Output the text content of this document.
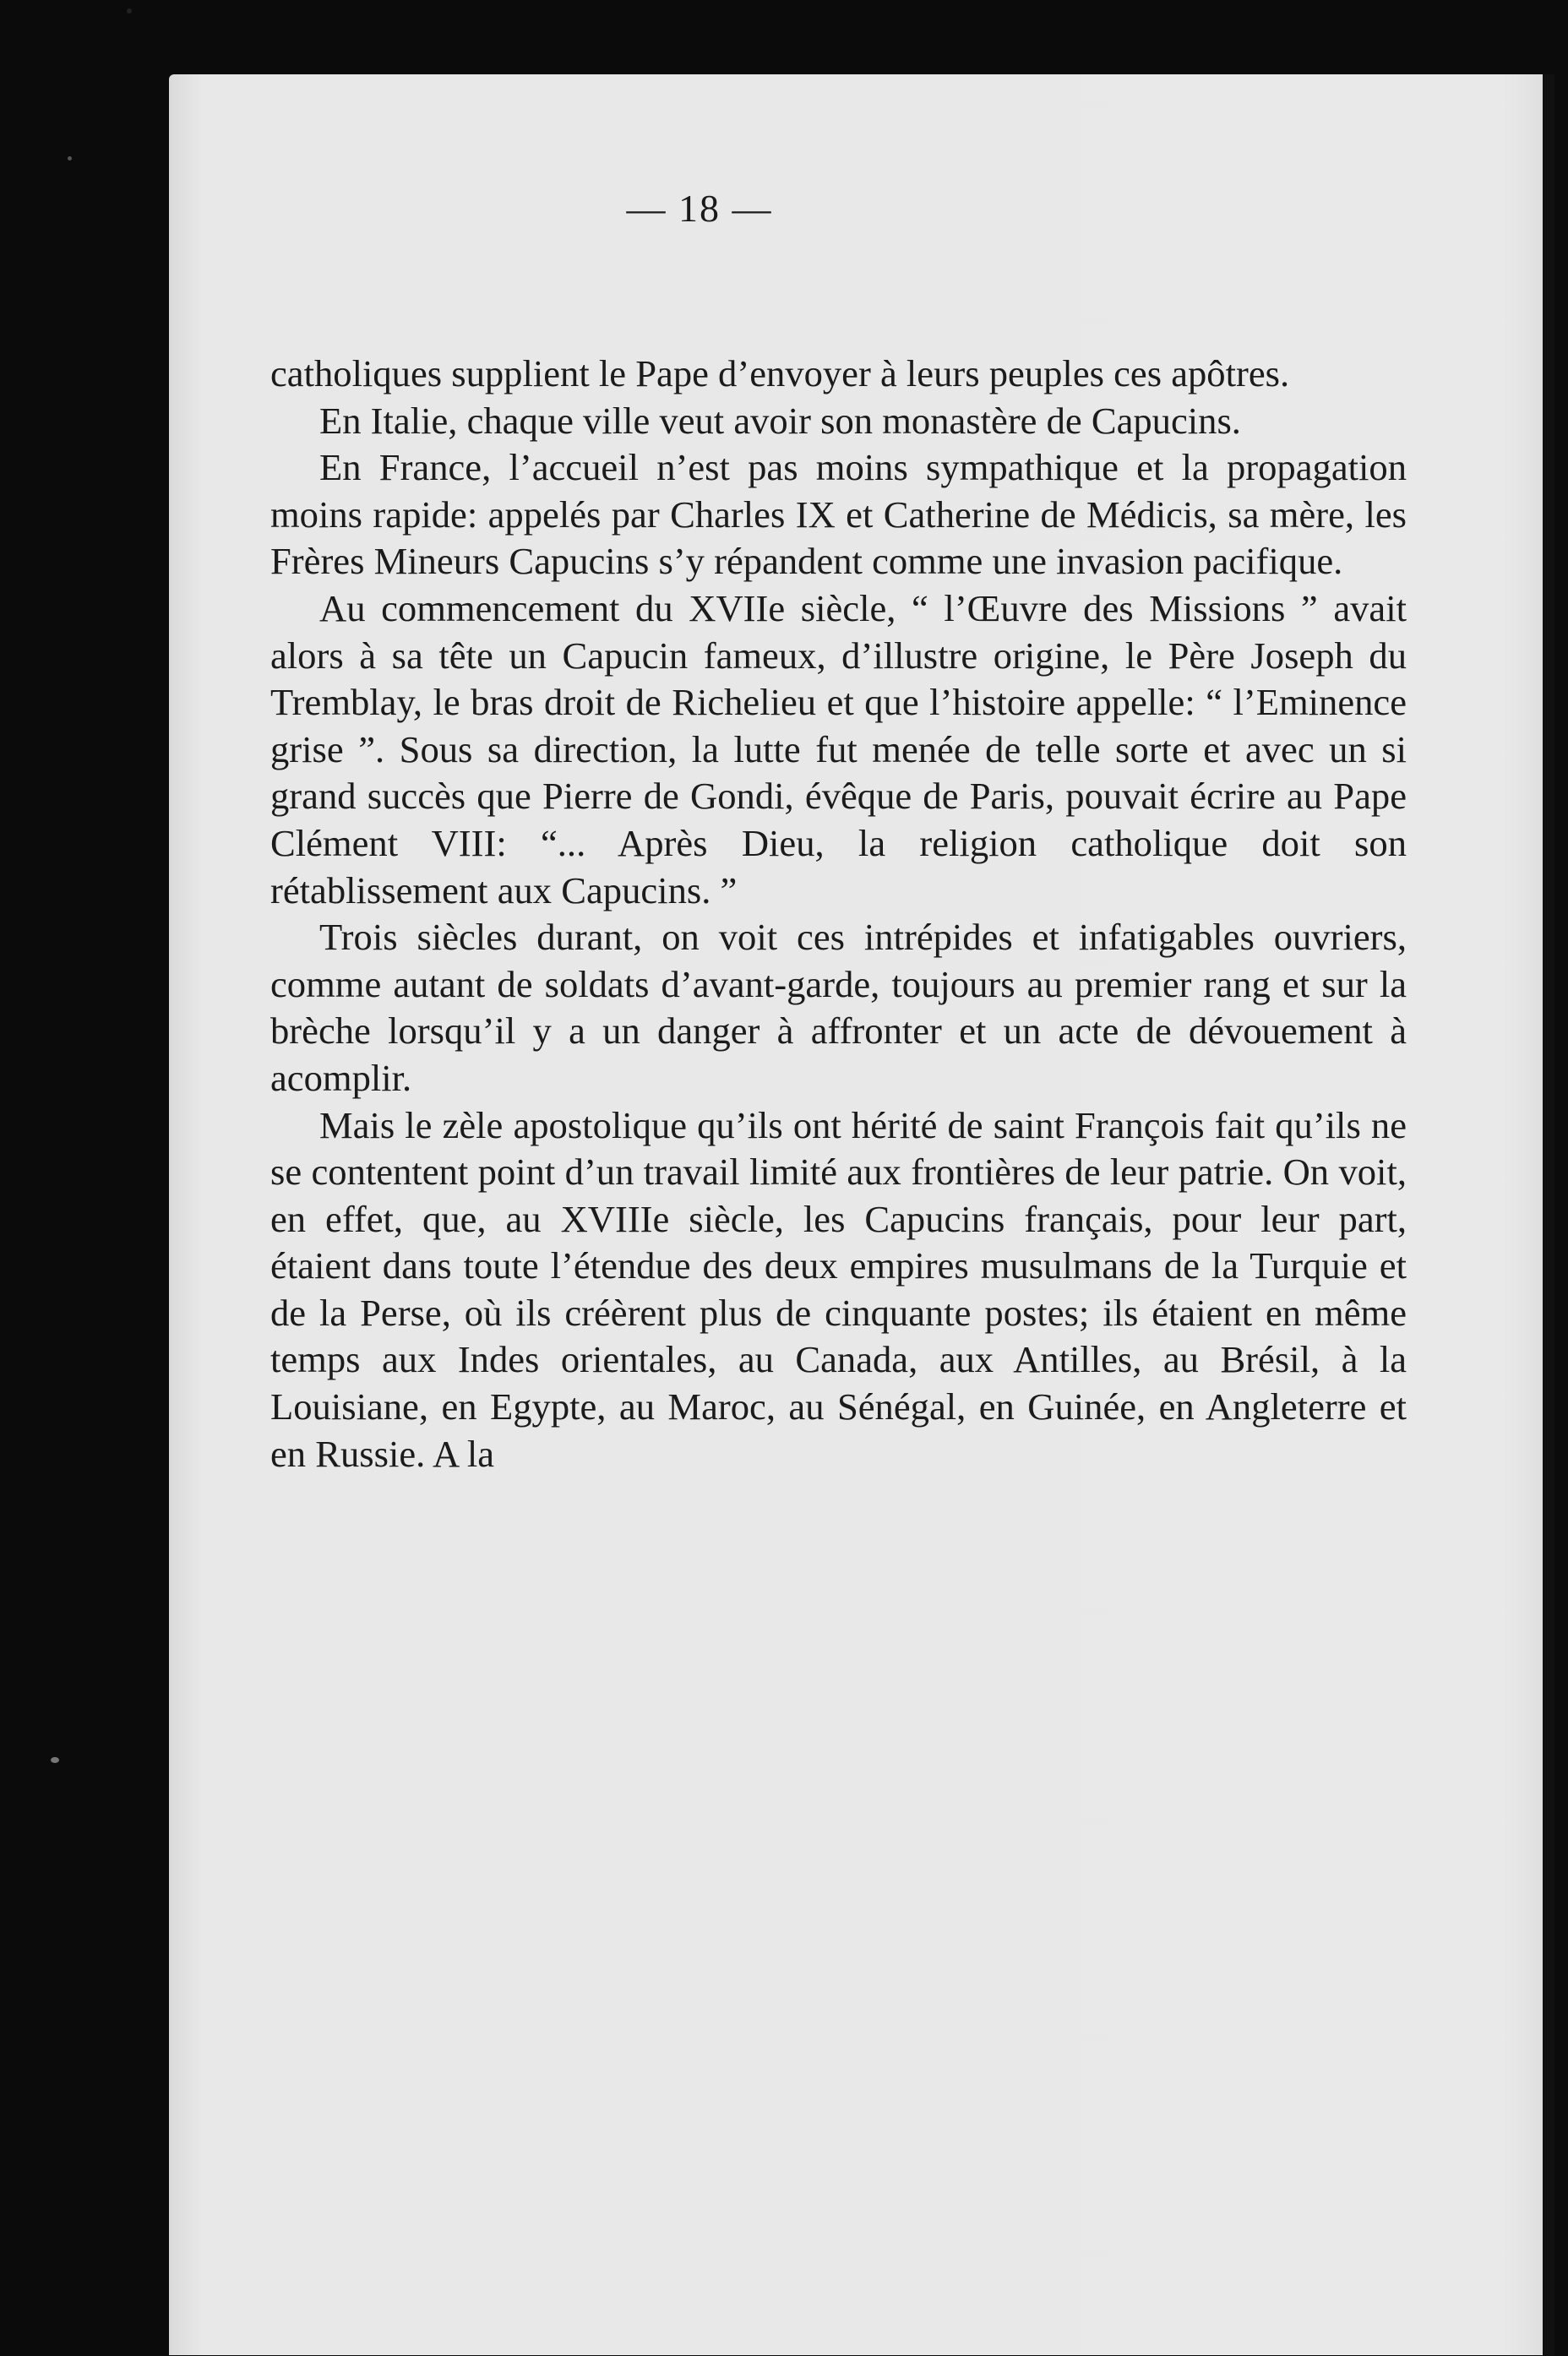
— 18 —

catholiques supplient le Pape d’envoyer à leurs peuples ces apôtres.

En Italie, chaque ville veut avoir son monastère de Capucins.

En France, l’accueil n’est pas moins sympathique et la propagation moins rapide: appelés par Charles IX et Catherine de Médicis, sa mère, les Frères Mineurs Capucins s’y répandent comme une invasion pacifique.

Au commencement du XVIIe siècle, “ l’Œuvre des Missions ” avait alors à sa tête un Capucin fameux, d’illustre origine, le Père Joseph du Tremblay, le bras droit de Richelieu et que l’histoire appelle: “ l’Eminence grise ”. Sous sa direction, la lutte fut menée de telle sorte et avec un si grand succès que Pierre de Gondi, évêque de Paris, pouvait écrire au Pape Clément VIII: “... Après Dieu, la religion catholique doit son rétablissement aux Capucins. ”

Trois siècles durant, on voit ces intrépides et infatigables ouvriers, comme autant de soldats d’avant-garde, toujours au premier rang et sur la brèche lorsqu’il y a un danger à affronter et un acte de dévouement à acomplir.

Mais le zèle apostolique qu’ils ont hérité de saint François fait qu’ils ne se contentent point d’un travail limité aux frontières de leur patrie. On voit, en effet, que, au XVIIIe siècle, les Capucins français, pour leur part, étaient dans toute l’étendue des deux empires musulmans de la Turquie et de la Perse, où ils créèrent plus de cinquante postes; ils étaient en même temps aux Indes orientales, au Canada, aux Antilles, au Brésil, à la Louisiane, en Egypte, au Maroc, au Sénégal, en Guinée, en Angleterre et en Russie. A la
